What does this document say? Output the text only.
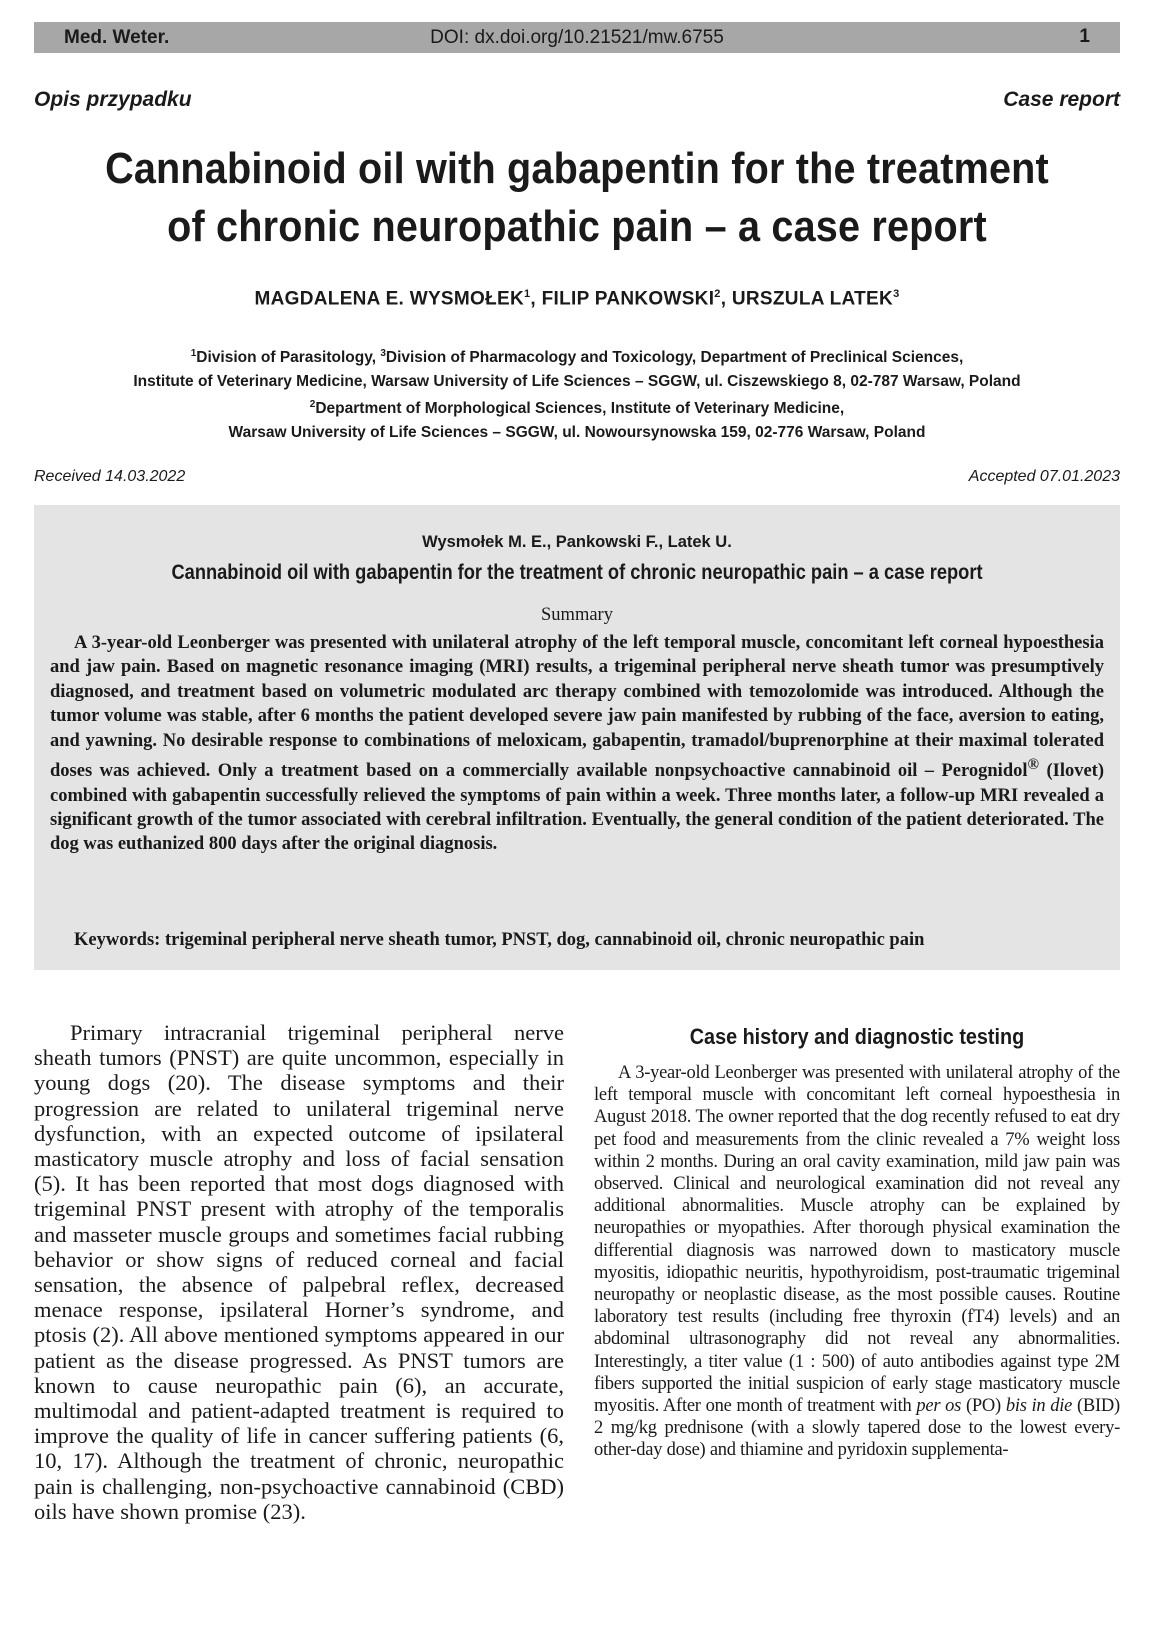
Med. Weter.	DOI: dx.doi.org/10.21521/mw.6755	1
Opis przypadku	Case report
Cannabinoid oil with gabapentin for the treatment
of chronic neuropathic pain – a case report
MAGDALENA E. WYSMOŁEK$^1$, FILIP PANKOWSKI$^2$, URSZULA LATEK$^3$
$^1$Division of Parasitology, $^3$Division of Pharmacology and Toxicology, Department of Preclinical Sciences,
Institute of Veterinary Medicine, Warsaw University of Life Sciences – SGGW, ul. Ciszewskiego 8, 02-787 Warsaw, Poland
$^2$Department of Morphological Sciences, Institute of Veterinary Medicine,
Warsaw University of Life Sciences – SGGW, ul. Nowoursynowska 159, 02-776 Warsaw, Poland
Received 14.03.2022	Accepted 07.01.2023
Wysmołek M. E., Pankowski F., Latek U.
Cannabinoid oil with gabapentin for the treatment of chronic neuropathic pain – a case report
Summary

A 3-year-old Leonberger was presented with unilateral atrophy of the left temporal muscle, concomitant left corneal hypoesthesia and jaw pain. Based on magnetic resonance imaging (MRI) results, a trigeminal peripheral nerve sheath tumor was presumptively diagnosed, and treatment based on volumetric modulated arc therapy combined with temozolomide was introduced. Although the tumor volume was stable, after 6 months the patient developed severe jaw pain manifested by rubbing of the face, aversion to eating, and yawning. No desirable response to combinations of meloxicam, gabapentin, tramadol/buprenorphine at their maximal tolerated doses was achieved. Only a treatment based on a commercially available nonpsychoactive cannabinoid oil – Perognidol® (Ilovet) combined with gabapentin successfully relieved the symptoms of pain within a week. Three months later, a follow-up MRI revealed a significant growth of the tumor associated with cerebral infiltration. Eventually, the general condition of the patient deteriorated. The dog was euthanized 800 days after the original diagnosis.

Keywords: trigeminal peripheral nerve sheath tumor, PNST, dog, cannabinoid oil, chronic neuropathic pain

Primary intracranial trigeminal peripheral nerve sheath tumors (PNST) are quite uncommon, especially in young dogs (20). The disease symptoms and their progression are related to unilateral trigeminal nerve dysfunction, with an expected outcome of ipsilateral masticatory muscle atrophy and loss of facial sensation (5). It has been reported that most dogs diagnosed with trigeminal PNST present with atrophy of the temporalis and masseter muscle groups and sometimes facial rubbing behavior or show signs of reduced corneal and facial sensation, the absence of palpebral reflex, decreased menace response, ipsilateral Horner’s syndrome, and ptosis (2). All above mentioned symptoms appeared in our patient as the disease progressed. As PNST tumors are known to cause neuropathic pain (6), an accurate, multimodal and patient-adapted treatment is required to improve the quality of life in cancer suffering patients (6, 10, 17). Although the treatment of chronic, neuropathic pain is challenging, non-psychoactive cannabinoid (CBD) oils have shown promise (23).

Case history and diagnostic testing

A 3-year-old Leonberger was presented with unilateral atrophy of the left temporal muscle with concomitant left corneal hypoesthesia in August 2018. The owner reported that the dog recently refused to eat dry pet food and measurements from the clinic revealed a 7% weight loss within 2 months. During an oral cavity examination, mild jaw pain was observed. Clinical and neurological examination did not reveal any additional abnormalities. Muscle atrophy can be explained by neuropathies or myopathies. After thorough physical examination the differential diagnosis was narrowed down to masticatory muscle myositis, idiopathic neuritis, hypothyroidism, post-traumatic trigeminal neuropathy or neoplastic disease, as the most possible causes. Routine laboratory test results (including free thyroxin (fT4) levels) and an abdominal ultrasonography did not reveal any abnormalities. Interestingly, a titer value (1 : 500) of auto antibodies against type 2M fibers supported the initial suspicion of early stage masticatory muscle myositis. After one month of treatment with per os (PO) bis in die (BID) 2 mg/kg prednisone (with a slowly tapered dose to the lowest every-other-day dose) and thiamine and pyridoxin supplementa-
